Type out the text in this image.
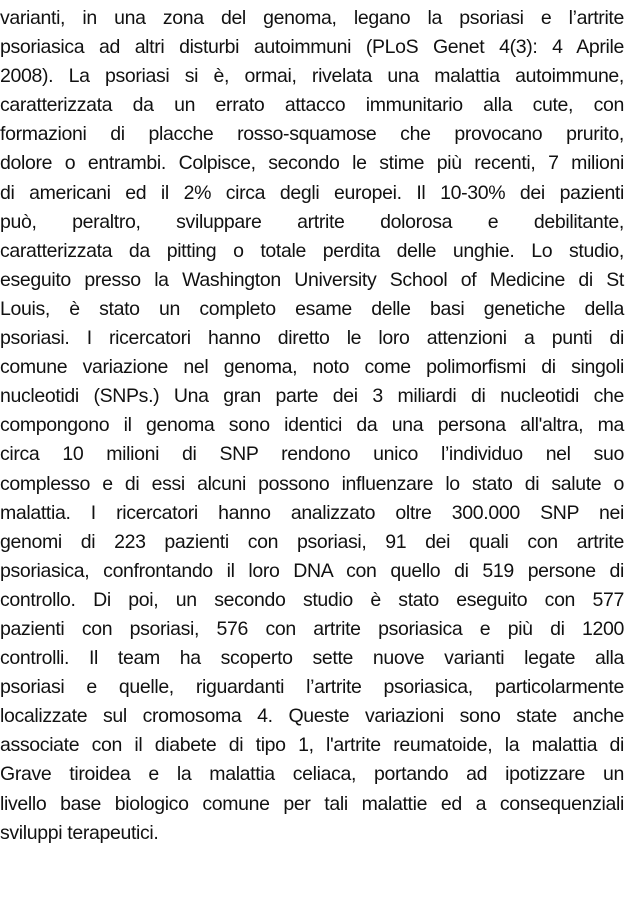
varianti, in una zona del genoma, legano la psoriasi e l’artrite
psoriasica ad altri disturbi autoimmuni (PLoS Genet 4(3): 4 Aprile
2008). La psoriasi si è, ormai, rivelata una malattia autoimmune,
caratterizzata da un errato attacco immunitario alla cute, con
formazioni di placche rosso-squamose che provocano prurito,
dolore o entrambi. Colpisce, secondo le stime più recenti, 7 milioni
di americani ed il 2% circa degli europei. Il 10-30% dei pazienti
può, peraltro, sviluppare artrite dolorosa e debilitante,
caratterizzata da pitting o totale perdita delle unghie. Lo studio,
eseguito presso la Washington University School of Medicine di St
Louis, è stato un completo esame delle basi genetiche della
psoriasi. I ricercatori hanno diretto le loro attenzioni a punti di
comune variazione nel genoma, noto come polimorfismi di singoli
nucleotidi (SNPs.) Una gran parte dei 3 miliardi di nucleotidi che
compongono il genoma sono identici da una persona all'altra, ma
circa 10 milioni di SNP rendono unico l’individuo nel suo
complesso e di essi alcuni possono influenzare lo stato di salute o
malattia. I ricercatori hanno analizzato oltre 300.000 SNP nei
genomi di 223 pazienti con psoriasi, 91 dei quali con artrite
psoriasica, confrontando il loro DNA con quello di 519 persone di
controllo. Di poi, un secondo studio è stato eseguito con 577
pazienti con psoriasi, 576 con artrite psoriasica e più di 1200
controlli. Il team ha scoperto sette nuove varianti legate alla
psoriasi e quelle, riguardanti l’artrite psoriasica, particolarmente
localizzate sul cromosoma 4. Queste variazioni sono state anche
associate con il diabete di tipo 1, l'artrite reumatoide, la malattia di
Grave tiroidea e la malattia celiaca, portando ad ipotizzare un
livello base biologico comune per tali malattie ed a consequenziali
sviluppi terapeutici.
